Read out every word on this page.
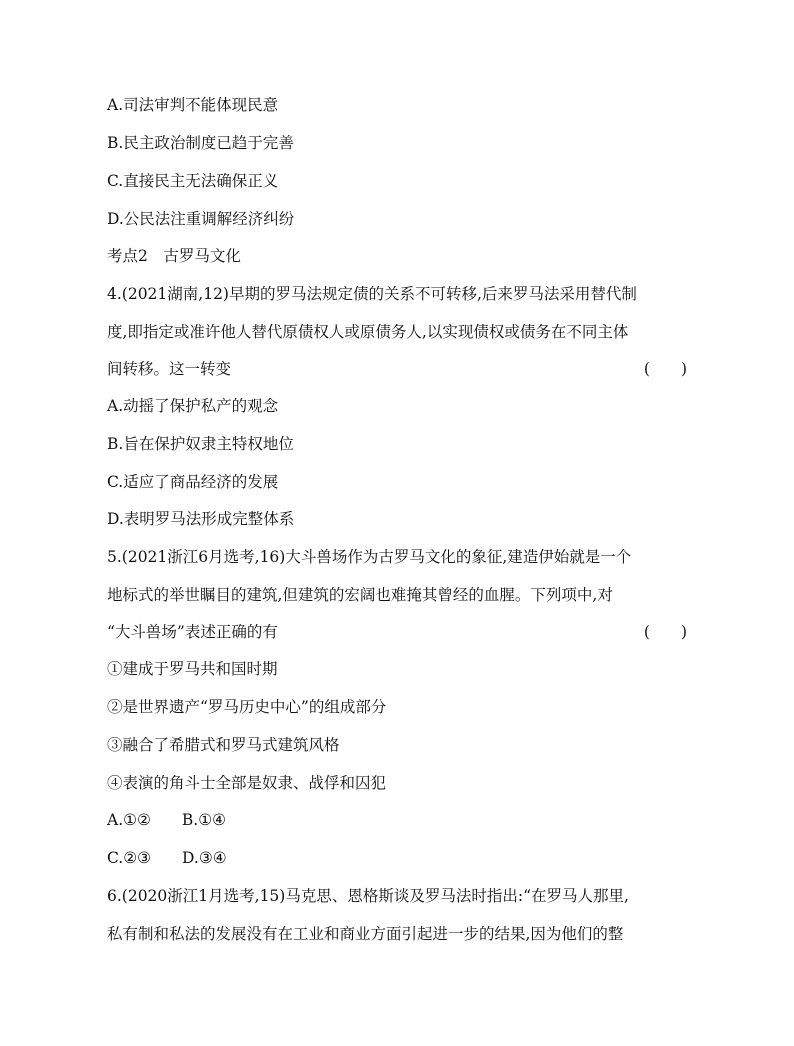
A.司法审判不能体现民意
B.民主政治制度已趋于完善
C.直接民主无法确保正义
D.公民法注重调解经济纠纷
考点2　古罗马文化
4.(2021湖南,12)早期的罗马法规定债的关系不可转移,后来罗马法采用替代制
度,即指定或准许他人替代原债权人或原债务人,以实现债权或债务在不同主体
间转移。这一转变	(　　)
A.动摇了保护私产的观念
B.旨在保护奴隶主特权地位
C.适应了商品经济的发展
D.表明罗马法形成完整体系
5.(2021浙江6月选考,16)大斗兽场作为古罗马文化的象征,建造伊始就是一个
地标式的举世瞩目的建筑,但建筑的宏阔也难掩其曾经的血腥。下列项中,对
“大斗兽场”表述正确的有	(　　)
①建成于罗马共和国时期
②是世界遗产“罗马历史中心”的组成部分
③融合了希腊式和罗马式建筑风格
④表演的角斗士全部是奴隶、战俘和囚犯
A.①②　　B.①④
C.②③　　D.③④
6.(2020浙江1月选考,15)马克思、恩格斯谈及罗马法时指出:“在罗马人那里,
私有制和私法的发展没有在工业和商业方面引起进一步的结果,因为他们的整
